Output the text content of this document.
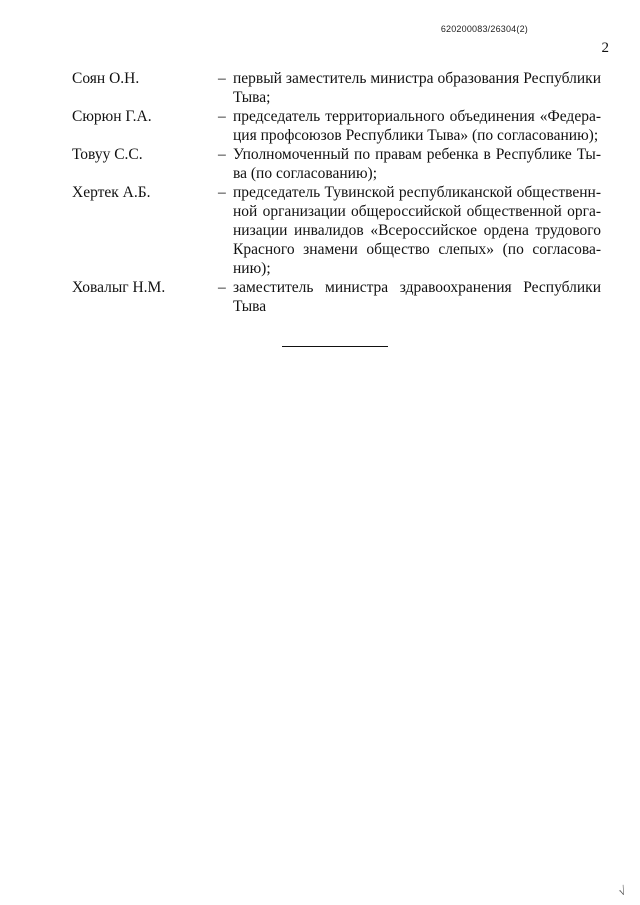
620200083/26304(2)
2
Соян О.Н.	– первый заместитель министра образования Республики
Тыва;
Сюрюн Г.А.	– председатель территориального объединения «Федера-
ция профсоюзов Республики Тыва» (по согласованию);
Товуу С.С.	– Уполномоченный по правам ребенка в Республике Ты-
ва (по согласованию);
Хертек А.Б.	– председатель Тувинской республиканской общественн-
ной организации общероссийской общественной орга-
низации инвалидов «Всероссийское ордена трудового
Красного знамени общество слепых» (по согласова-
нию);
Ховалыг Н.М.	– заместитель министра здравоохранения Республики
Тыва
√
